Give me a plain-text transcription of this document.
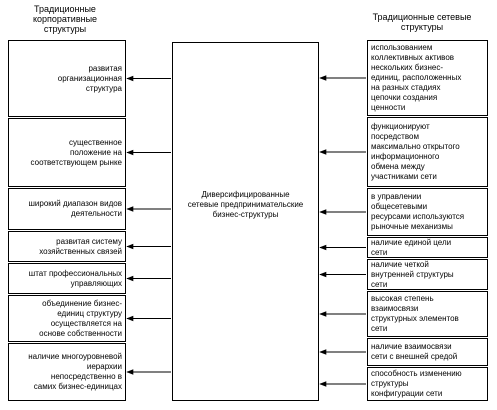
Традиционные
корпоративные
структуры
Традиционные сетевые
структуры
Диверсифицированные
сетевые предпринимательские
бизнес-структуры
развитая
организационная
структура
существенное
положение на
соответствующем рынке
широкий диапазон видов
деятельности
развитая систему
хозяйственных связей
штат профессиональных
управляющих
объединение бизнес-
единиц структуру
осуществляется на
основе собственности
наличие многоуровневой
иерархии
непосредственно в
самих бизнес-единицах
использованием
коллективных активов
нескольких бизнес-
единиц, расположенных
на разных стадиях
цепочки создания
ценности
функционируют
посредством
максимально открытого
информационного
обмена между
участниками сети
в управлении
общесетевыми
ресурсами используются
рыночные механизмы
наличие единой цели
сети
наличие четкой
внутренней структуры
сети
высокая степень
взаимосвязи
структурных элементов
сети
наличие взаимосвязи
сети с внешней средой
способность изменению
структуры
конфигурации сети
